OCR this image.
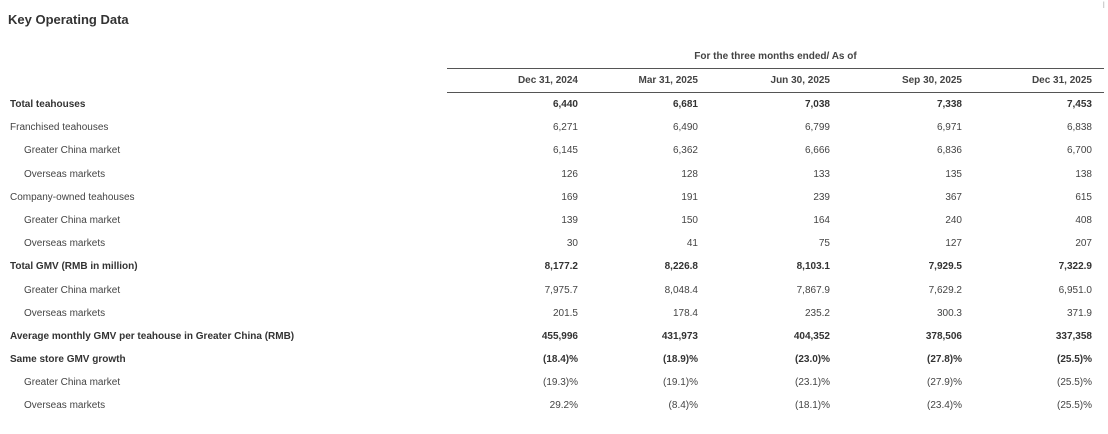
Key Operating Data
I
For the three months ended/ As of
Dec 31, 2024	Mar 31, 2025	Jun 30, 2025	Sep 30, 2025	Dec 31, 2025
Total teahouses	6,440	6,681	7,038	7,338	7,453
Franchised teahouses	6,271	6,490	6,799	6,971	6,838
Greater China market	6,145	6,362	6,666	6,836	6,700
Overseas markets	126	128	133	135	138
Company-owned teahouses	169	191	239	367	615
Greater China market	139	150	164	240	408
Overseas markets	30	41	75	127	207
Total GMV (RMB in million)	8,177.2	8,226.8	8,103.1	7,929.5	7,322.9
Greater China market	7,975.7	8,048.4	7,867.9	7,629.2	6,951.0
Overseas markets	201.5	178.4	235.2	300.3	371.9
Average monthly GMV per teahouse in Greater China (RMB)	455,996	431,973	404,352	378,506	337,358
Same store GMV growth	(18.4)%	(18.9)%	(23.0)%	(27.8)%	(25.5)%
Greater China market	(19.3)%	(19.1)%	(23.1)%	(27.9)%	(25.5)%
Overseas markets	29.2%	(8.4)%	(18.1)%	(23.4)%	(25.5)%
